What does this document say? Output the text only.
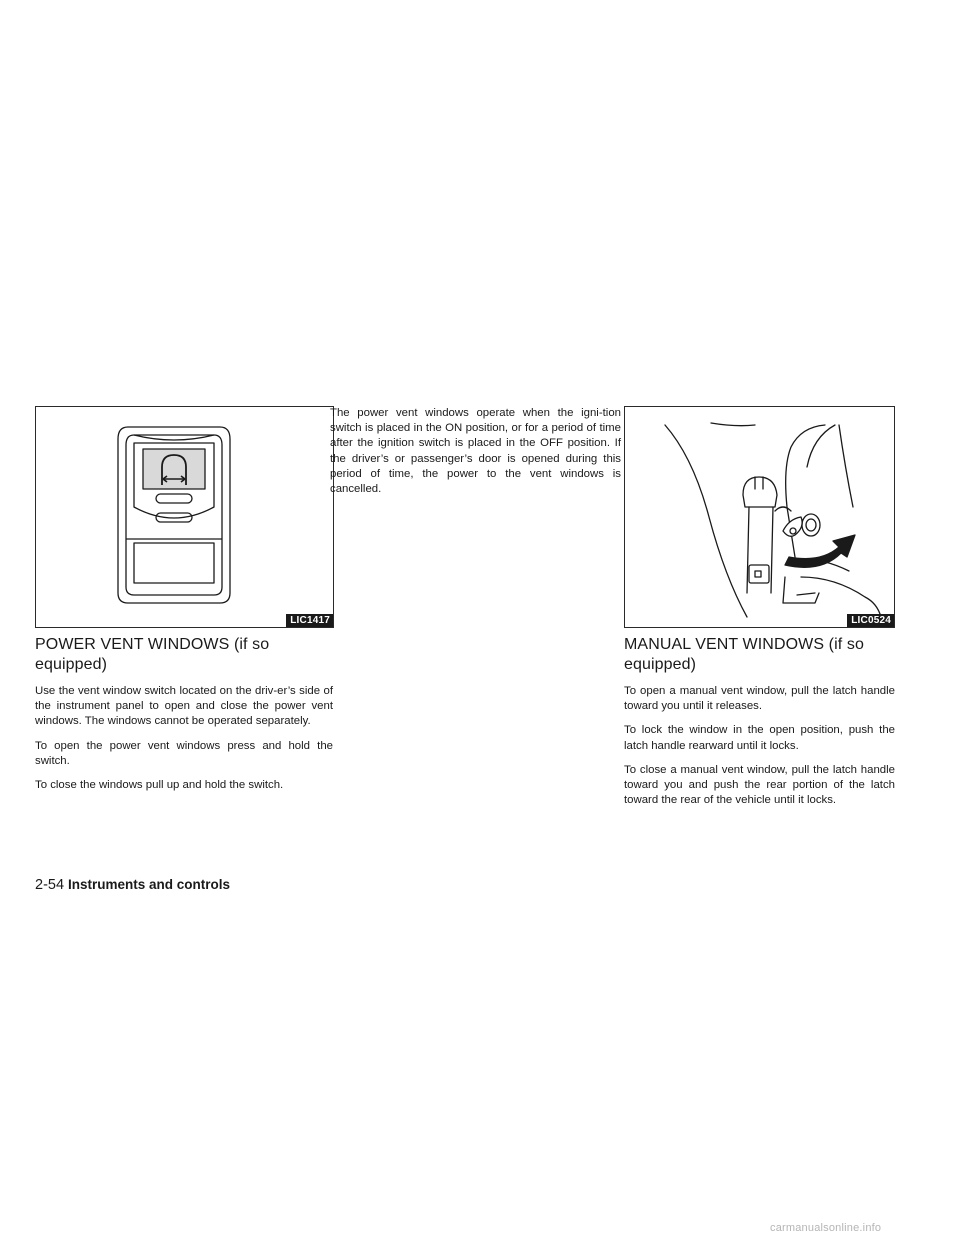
LIC1417	LIC0524
POWER VENT WINDOWS (if so
equipped)

Use the vent window switch located on the driv-er’s side of the instrument panel to open and close the power vent windows. The windows cannot be operated separately.

To open the power vent windows press and hold the switch.

To close the windows pull up and hold the switch.

The power vent windows operate when the igni-tion switch is placed in the ON position, or for a period of time after the ignition switch is placed in the OFF position. If the driver’s or passenger’s door is opened during this period of time, the power to the vent windows is cancelled.

MANUAL VENT WINDOWS (if so
equipped)

To open a manual vent window, pull the latch handle toward you until it releases.

To lock the window in the open position, push the latch handle rearward until it locks.

To close a manual vent window, pull the latch handle toward you and push the rear portion of the latch toward the rear of the vehicle until it locks.

2-54 Instruments and controls
carmanualsonline.info
